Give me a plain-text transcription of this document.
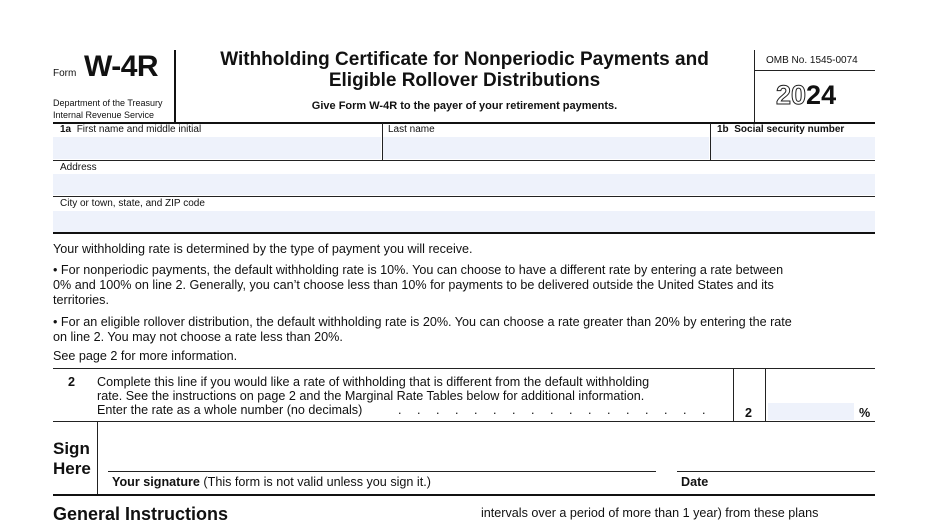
Form W-4R
Department of the Treasury
Internal Revenue Service
Withholding Certificate for Nonperiodic Payments and
Eligible Rollover Distributions
Give Form W-4R to the payer of your retirement payments.
OMB No. 1545-0074
2024
1a First name and middle initial	Last name	1b Social security number
Address
City or town, state, and ZIP code
Your withholding rate is determined by the type of payment you will receive.
• For nonperiodic payments, the default withholding rate is 10%. You can choose to have a different rate by entering a rate between
0% and 100% on line 2. Generally, you can’t choose less than 10% for payments to be delivered outside the United States and its
territories.
• For an eligible rollover distribution, the default withholding rate is 20%. You can choose a rate greater than 20% by entering the rate
on line 2. You may not choose a rate less than 20%.
See page 2 for more information.
2 Complete this line if you would like a rate of withholding that is different from the default withholding
rate. See the instructions on page 2 and the Marginal Rate Tables below for additional information.
Enter the rate as a whole number (no decimals)	. . . . . . . . . . . . . . . . .	2	%
Sign
Here
Your signature (This form is not valid unless you sign it.)	Date
General Instructions	intervals over a period of more than 1 year) from these plans
